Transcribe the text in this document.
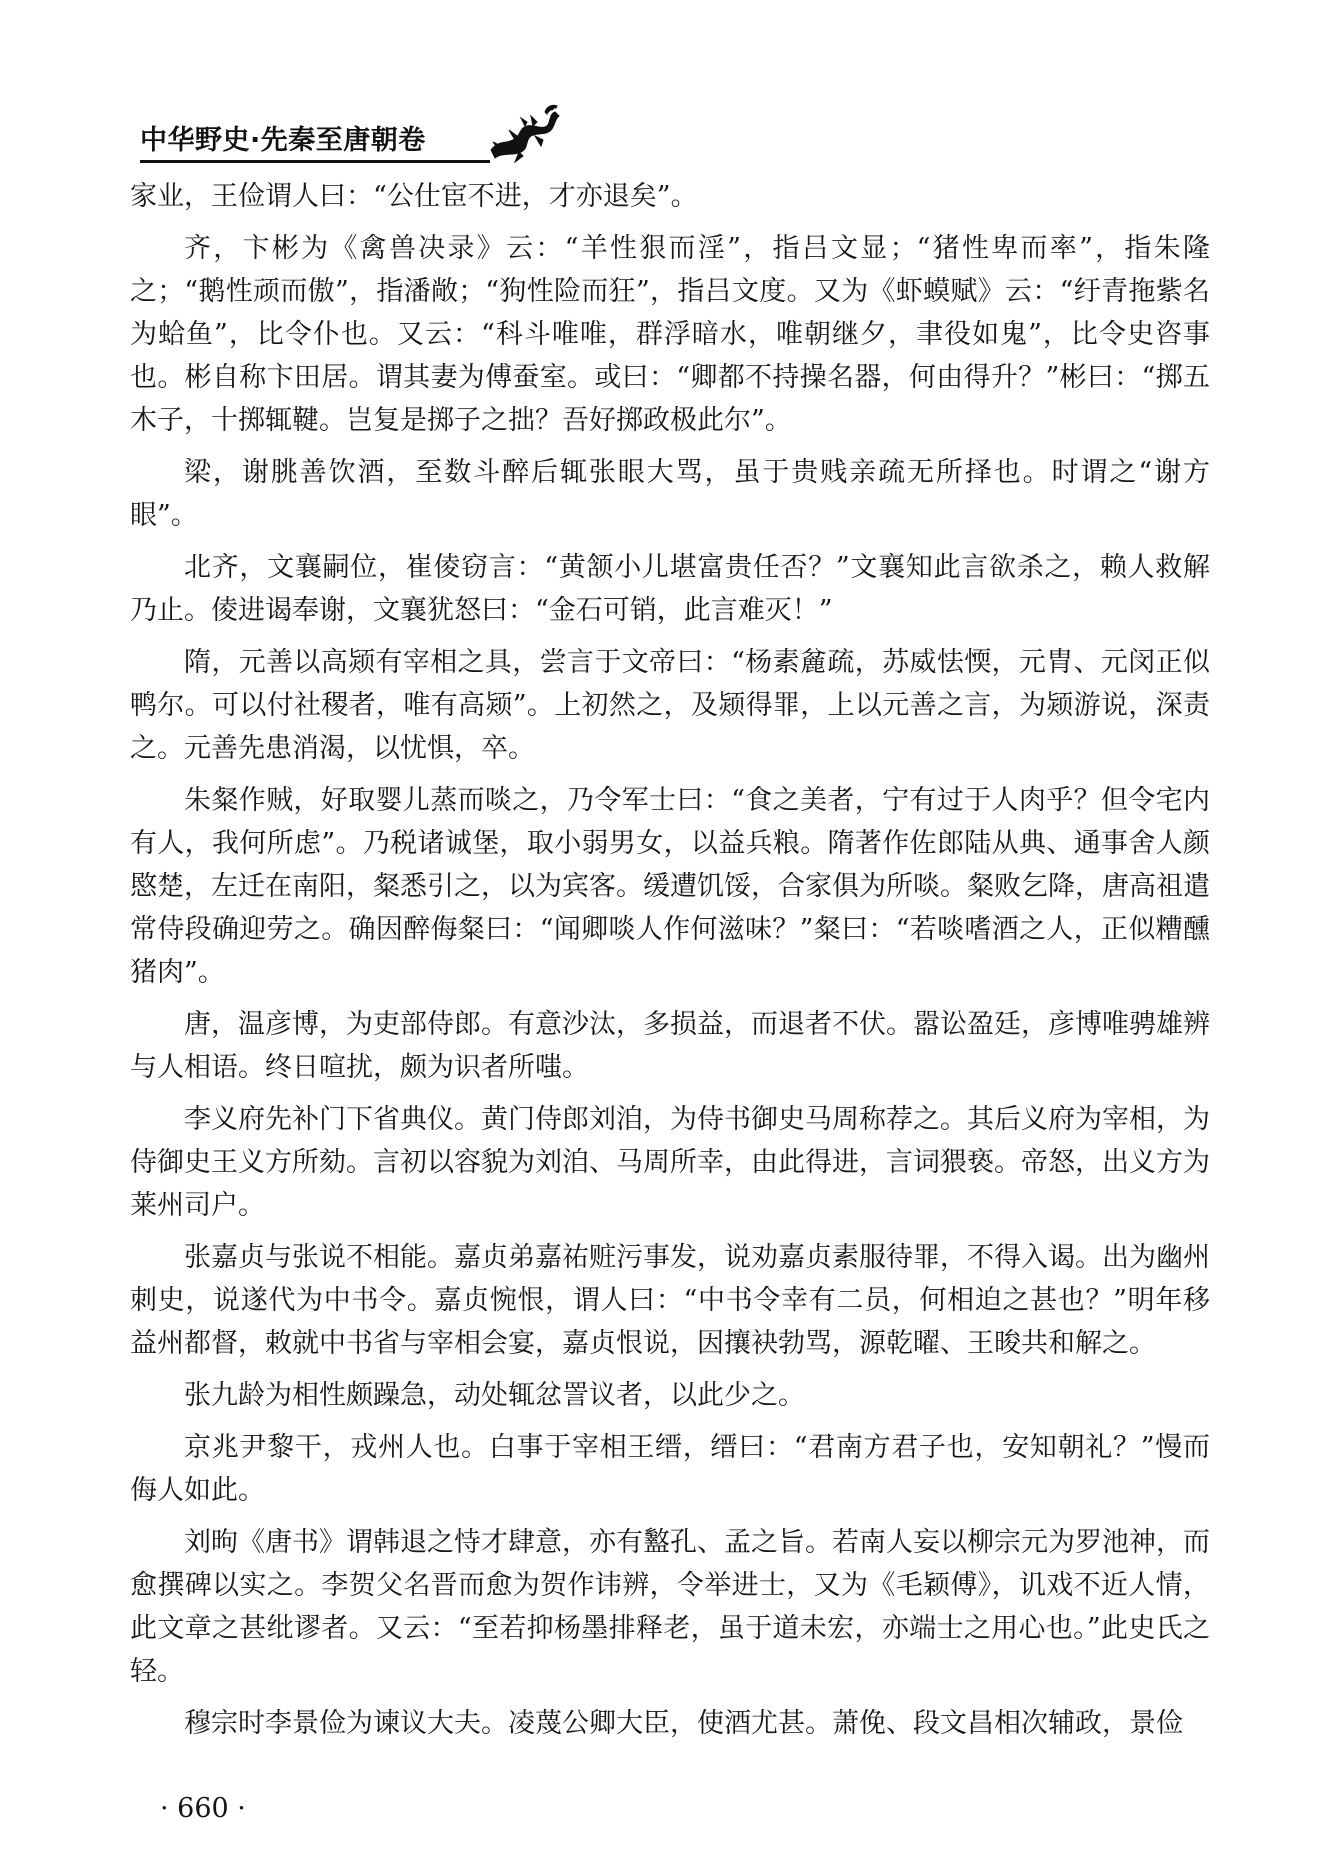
中华野史·先秦至唐朝卷

家业，王俭谓人曰：“公仕宦不进，才亦退矣”。

齐，卞彬为《禽兽决录》云：“羊性狠而淫”，指吕文显；“猪性卑而率”，指朱隆之；“鹅性顽而傲”，指潘敞；“狗性险而狂”，指吕文度。又为《虾蟆赋》云：“纡青拖紫名为蛤鱼”，比令仆也。又云：“科斗唯唯，群浮暗水，唯朝继夕，聿役如鬼”，比令史咨事也。彬自称卞田居。谓其妻为傅蚕室。或曰：“卿都不持操名器，何由得升？”彬曰：“掷五木子，十掷辄鞬。岂复是掷子之拙？吾好掷政极此尔”。

梁，谢朓善饮酒，至数斗醉后辄张眼大骂，虽于贵贱亲疏无所择也。时谓之“谢方眼”。

北齐，文襄嗣位，崔倰窃言：“黄颔小儿堪富贵任否？”文襄知此言欲杀之，赖人救解乃止。倰进谒奉谢，文襄犹怒曰：“金石可销，此言难灭！”

隋，元善以高颎有宰相之具，尝言于文帝曰：“杨素麄疏，苏威怯愞，元胄、元闵正似鸭尔。可以付社稷者，唯有高颎”。上初然之，及颎得罪，上以元善之言，为颎游说，深责之。元善先患消渴，以忧惧，卒。

朱粲作贼，好取婴儿蒸而啖之，乃令军士曰：“食之美者，宁有过于人肉乎？但令宅内有人，我何所虑”。乃税诸诚堡，取小弱男女，以益兵粮。隋著作佐郎陆从典、通事舍人颜愍楚，左迁在南阳，粲悉引之，以为宾客。缓遭饥馁，合家俱为所啖。粲败乞降，唐高祖遣常侍段确迎劳之。确因醉侮粲曰：“闻卿啖人作何滋味？”粲曰：“若啖嗜酒之人，正似糟醺猪肉”。

唐，温彦博，为吏部侍郎。有意沙汰，多损益，而退者不伏。嚣讼盈廷，彦博唯骋雄辨与人相语。终日喧扰，颇为识者所嗤。

李义府先补门下省典仪。黄门侍郎刘洎，为侍书御史马周称荐之。其后义府为宰相，为侍御史王义方所劾。言初以容貌为刘洎、马周所幸，由此得进，言词猥亵。帝怒，出义方为莱州司户。

张嘉贞与张说不相能。嘉贞弟嘉祐赃污事发，说劝嘉贞素服待罪，不得入谒。出为幽州刺史，说遂代为中书令。嘉贞惋恨，谓人曰：“中书令幸有二员，何相迫之甚也？”明年移益州都督，敕就中书省与宰相会宴，嘉贞恨说，因攘袂勃骂，源乾曜、王晙共和解之。

张九龄为相性颇躁急，动处辄忿詈议者，以此少之。

京兆尹黎干，戎州人也。白事于宰相王缙，缙曰：“君南方君子也，安知朝礼？”慢而侮人如此。

刘昫《唐书》谓韩退之恃才肆意，亦有盭孔、孟之旨。若南人妄以柳宗元为罗池神，而愈撰碑以实之。李贺父名晋而愈为贺作讳辨，令举进士，又为《毛颖傅》，讥戏不近人情，此文章之甚纰谬者。又云：“至若抑杨墨排释老，虽于道未宏，亦端士之用心也。”此史氏之轻。

穆宗时李景俭为谏议大夫。凌蔑公卿大臣，使酒尤甚。萧俛、段文昌相次辅政，景俭

· 660 ·
